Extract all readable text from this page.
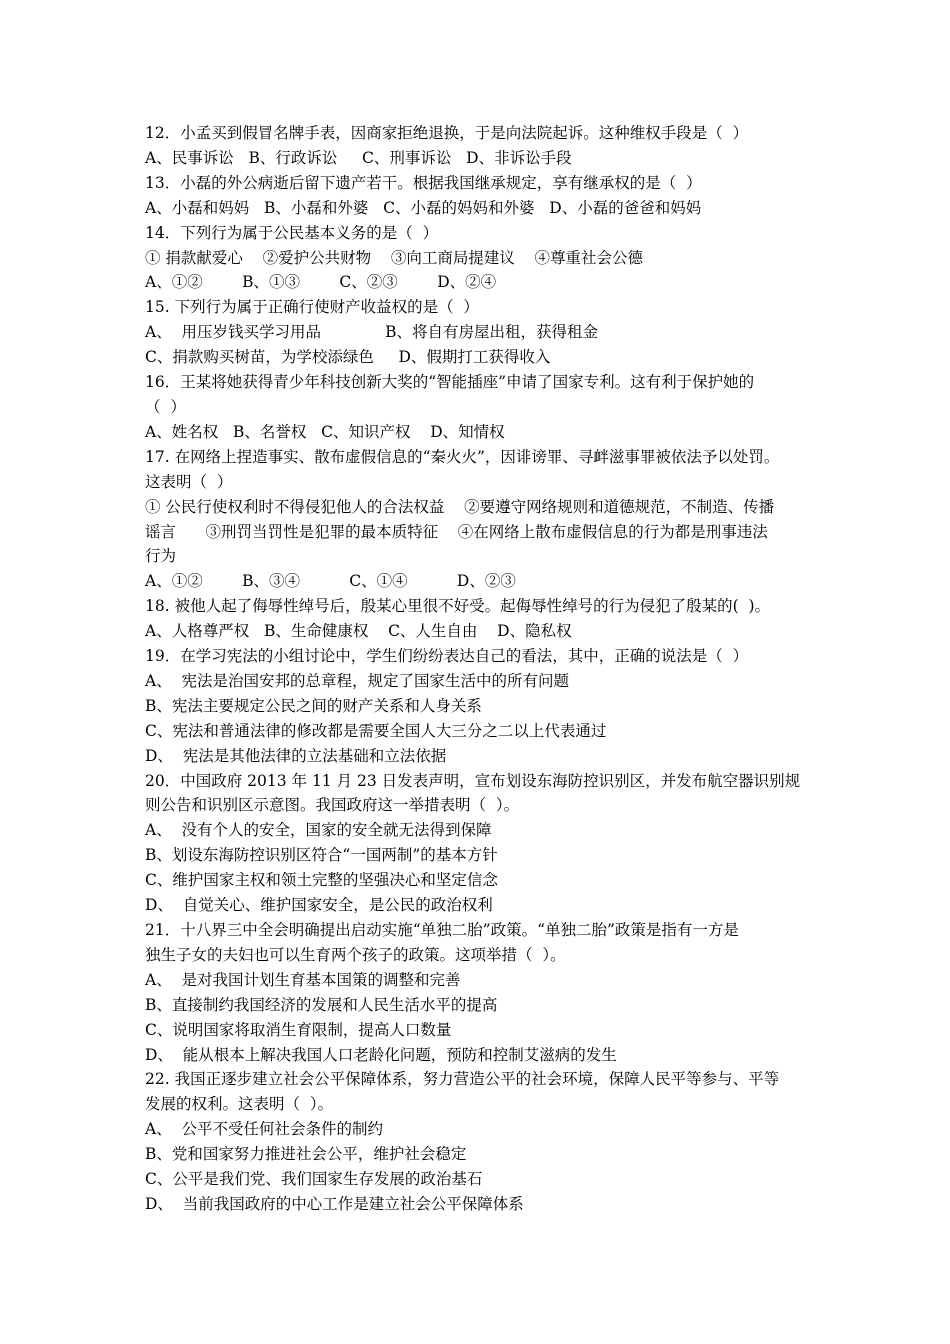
12．小孟买到假冒名牌手表，因商家拒绝退换，于是向法院起诉。这种维权手段是（  ）
A、民事诉讼   B、行政诉讼     C、刑事诉讼   D、非诉讼手段
13．小磊的外公病逝后留下遗产若干。根据我国继承规定，享有继承权的是（  ）
A、小磊和妈妈   B、小磊和外婆   C、小磊的妈妈和外婆   D、小磊的爸爸和妈妈
14．下列行为属于公民基本义务的是（  ）
① 捐款献爱心    ②爱护公共财物    ③向工商局提建议    ④尊重社会公德
A、①②        B、①③        C、②③        D、②④
15. 下列行为属于正确行使财产收益权的是（  ）
A、  用压岁钱买学习用品             B、将自有房屋出租，获得租金
C、捐款购买树苗，为学校添绿色     D、假期打工获得收入
16．王某将她获得青少年科技创新大奖的“智能插座”申请了国家专利。这有利于保护她的
（  ）
A、姓名权   B、名誉权   C、知识产权    D、知情权
17. 在网络上捏造事实、散布虚假信息的“秦火火”，因诽谤罪、寻衅滋事罪被依法予以处罚。
这表明（  ）
① 公民行使权利时不得侵犯他人的合法权益    ②要遵守网络规则和道德规范，不制造、传播
谣言      ③刑罚当罚性是犯罪的最本质特征    ④在网络上散布虚假信息的行为都是刑事违法
行为
A、①②        B、③④          C、①④          D、②③
18. 被他人起了侮辱性绰号后，殷某心里很不好受。起侮辱性绰号的行为侵犯了殷某的(  )。
A、人格尊严权   B、生命健康权    C、人生自由    D、隐私权
19．在学习宪法的小组讨论中，学生们纷纷表达自己的看法，其中，正确的说法是（  ）
A、  宪法是治国安邦的总章程，规定了国家生活中的所有问题
B、宪法主要规定公民之间的财产关系和人身关系
C、宪法和普通法律的修改都是需要全国人大三分之二以上代表通过
D、  宪法是其他法律的立法基础和立法依据
20．中国政府 2013 年 11 月 23 日发表声明，宣布划设东海防控识别区，并发布航空器识别规
则公告和识别区示意图。我国政府这一举措表明（  ）。
A、  没有个人的安全，国家的安全就无法得到保障
B、划设东海防控识别区符合“一国两制”的基本方针
C、维护国家主权和领土完整的坚强决心和坚定信念
D、  自觉关心、维护国家安全，是公民的政治权利
21．十八界三中全会明确提出启动实施“单独二胎”政策。“单独二胎”政策是指有一方是
独生子女的夫妇也可以生育两个孩子的政策。这项举措（  ）。
A、  是对我国计划生育基本国策的调整和完善
B、直接制约我国经济的发展和人民生活水平的提高
C、说明国家将取消生育限制，提高人口数量
D、  能从根本上解决我国人口老龄化问题，预防和控制艾滋病的发生
22. 我国正逐步建立社会公平保障体系，努力营造公平的社会环境，保障人民平等参与、平等
发展的权利。这表明（  ）。
A、  公平不受任何社会条件的制约
B、党和国家努力推进社会公平，维护社会稳定
C、公平是我们党、我们国家生存发展的政治基石
D、  当前我国政府的中心工作是建立社会公平保障体系
